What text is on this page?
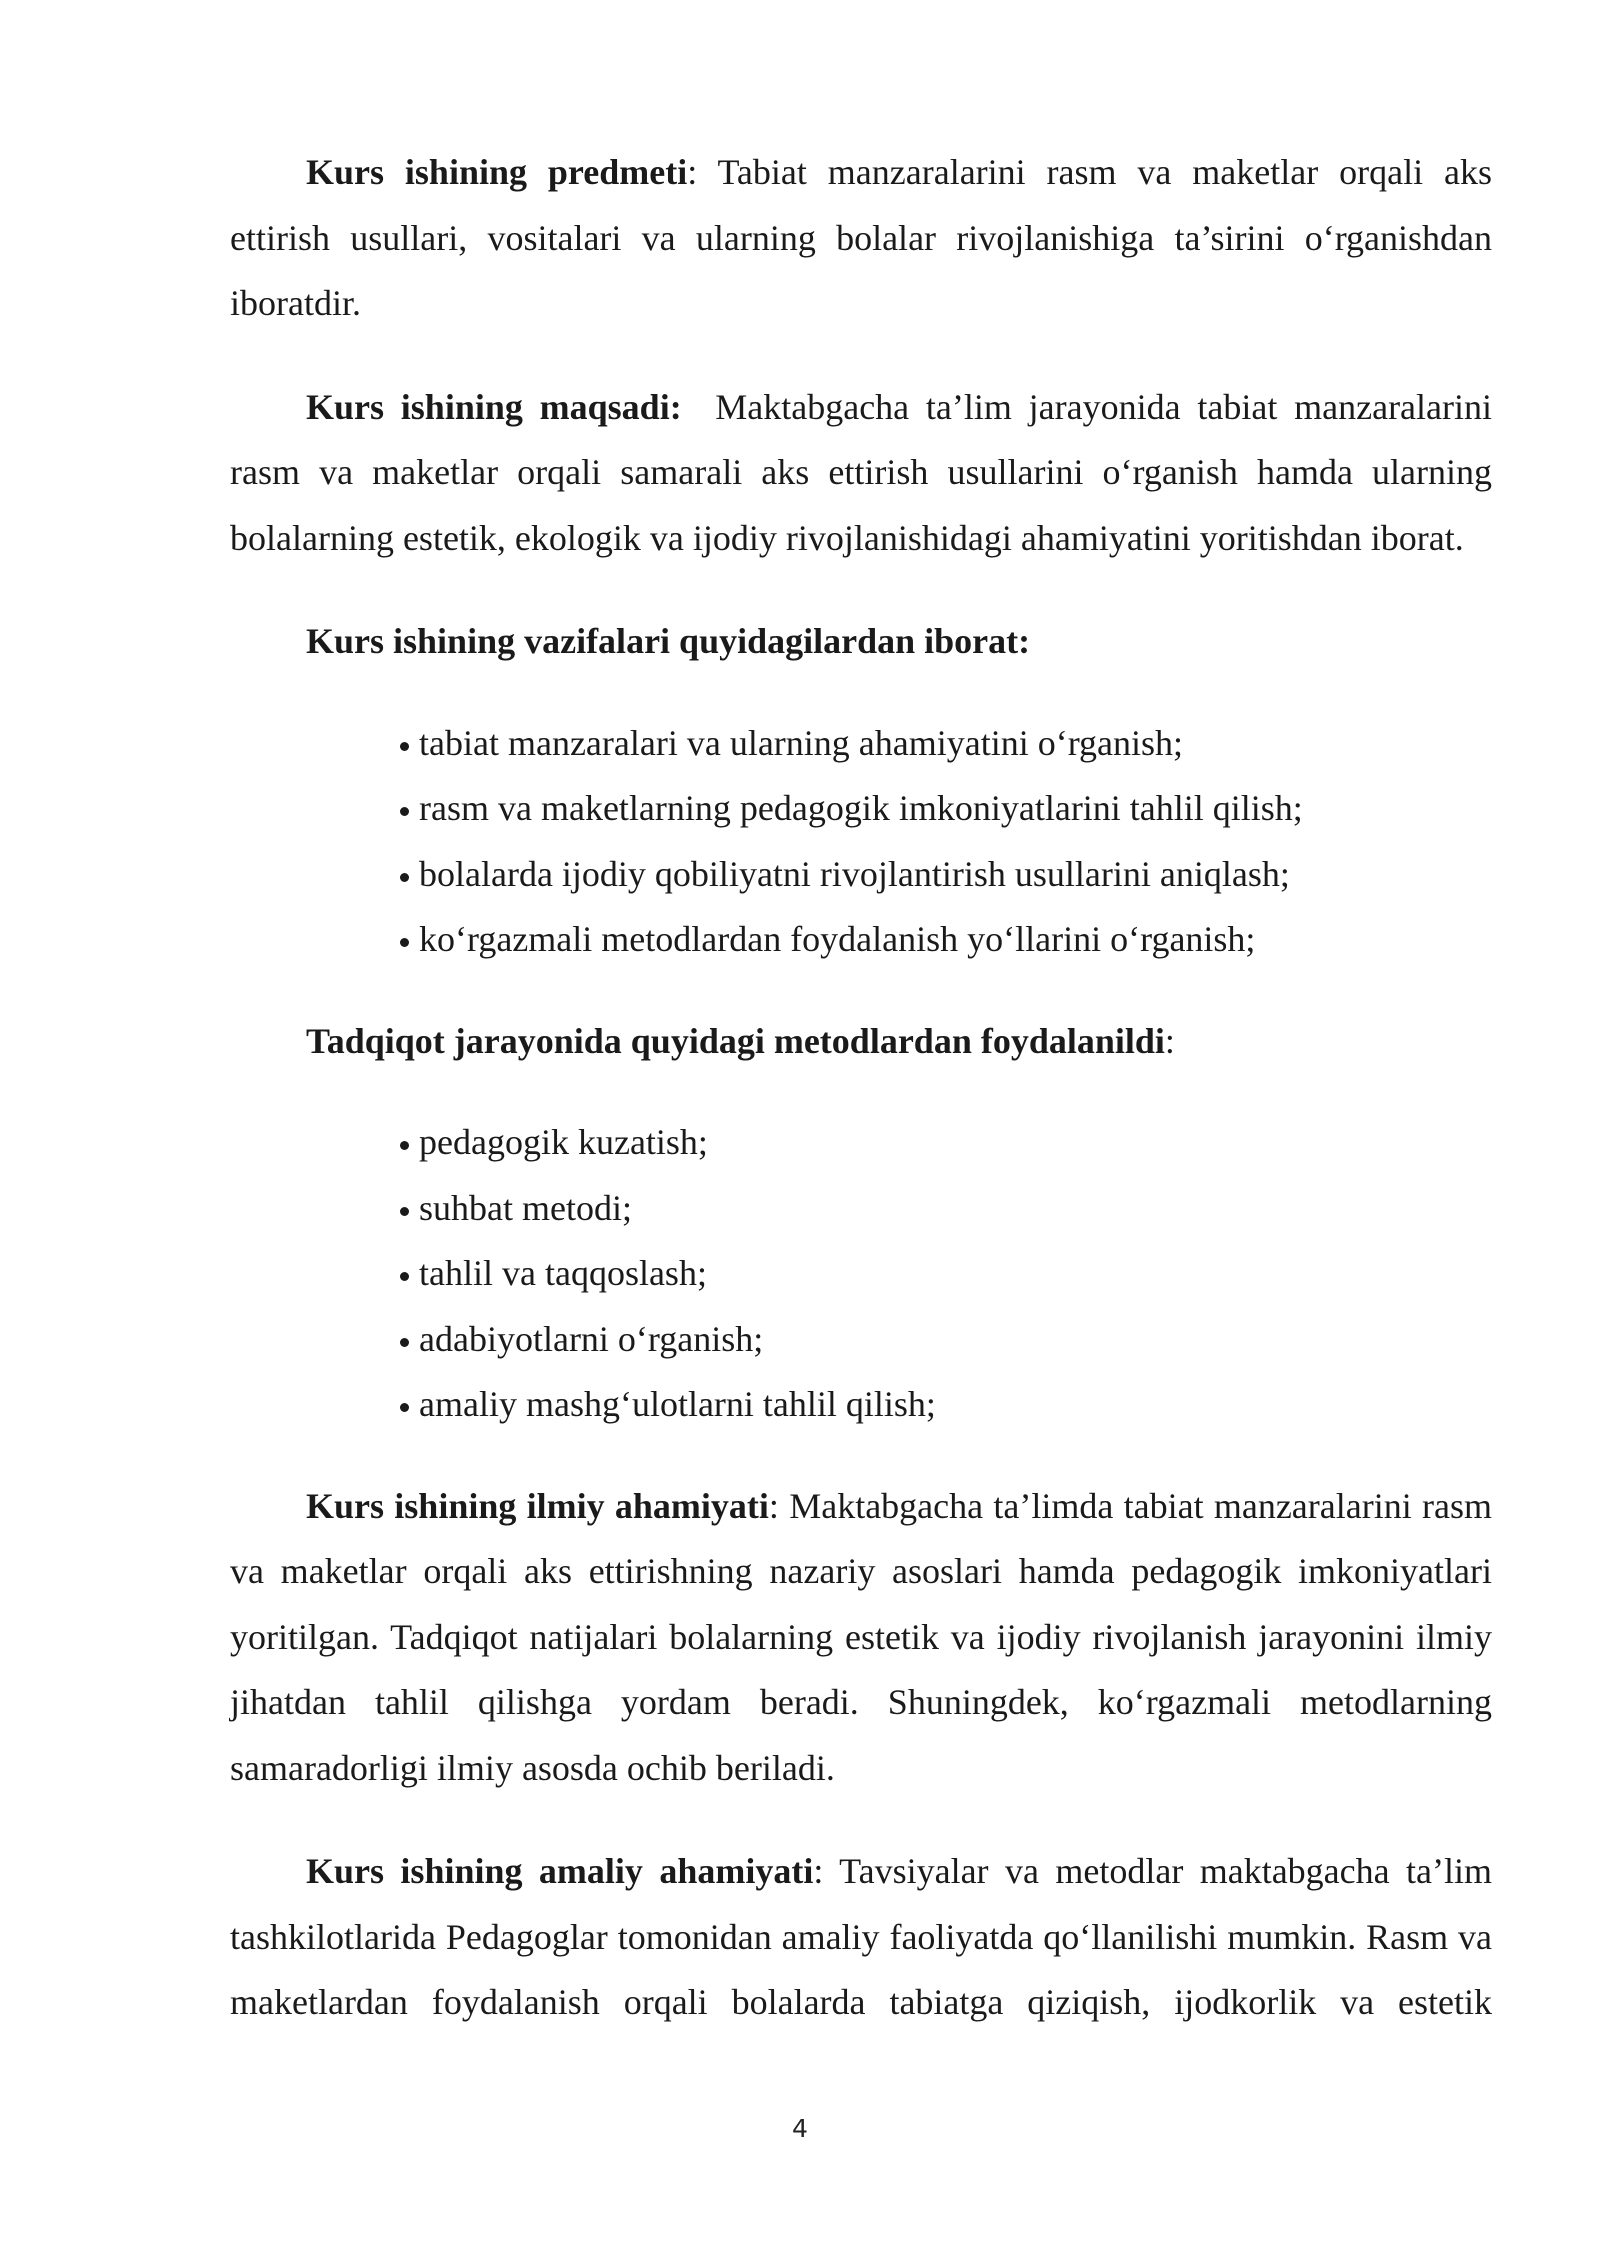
Kurs ishining predmeti: Tabiat manzaralarini rasm va maketlar orqali aks ettirish usullari, vositalari va ularning bolalar rivojlanishiga ta’sirini o‘rganishdan iboratdir.

Kurs ishining maqsadi: Maktabgacha ta’lim jarayonida tabiat manzaralarini rasm va maketlar orqali samarali aks ettirish usullarini o‘rganish hamda ularning bolalarning estetik, ekologik va ijodiy rivojlanishidagi ahamiyatini yoritishdan iborat.

Kurs ishining vazifalari quyidagilardan iborat:
tabiat manzaralari va ularning ahamiyatini o‘rganish;
rasm va maketlarning pedagogik imkoniyatlarini tahlil qilish;
bolalarda ijodiy qobiliyatni rivojlantirish usullarini aniqlash;
ko‘rgazmali metodlardan foydalanish yo‘llarini o‘rganish;
Tadqiqot jarayonida quyidagi metodlardan foydalanildi:
pedagogik kuzatish;
suhbat metodi;
tahlil va taqqoslash;
adabiyotlarni o‘rganish;
amaliy mashg‘ulotlarni tahlil qilish;

Kurs ishining ilmiy ahamiyati: Maktabgacha ta’limda tabiat manzaralarini rasm va maketlar orqali aks ettirishning nazariy asoslari hamda pedagogik imkoniyatlari yoritilgan. Tadqiqot natijalari bolalarning estetik va ijodiy rivojlanish jarayonini ilmiy jihatdan tahlil qilishga yordam beradi. Shuningdek, ko‘rgazmali metodlarning samaradorligi ilmiy asosda ochib beriladi.

Kurs ishining amaliy ahamiyati: Tavsiyalar va metodlar maktabgacha ta’lim tashkilotlarida Pedagoglar tomonidan amaliy faoliyatda qo‘llanilishi mumkin. Rasm va maketlardan foydalanish orqali bolalarda tabiatga qiziqish, ijodkorlik va estetik

4
